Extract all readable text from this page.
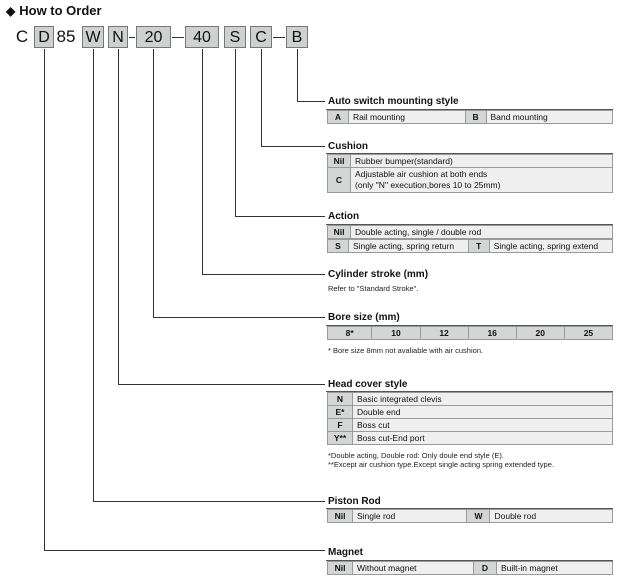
◆ How to Order
C D 85 W N	20	40	S C	B
Auto switch mounting style
A	Rail mounting	B	Band mounting
Cushion
Nil	Rubber bumper(standard)
C	Adjustable air cushion at both ends
(only "N" execution,bores 10 to 25mm)
Action
Nil	Double acting, single / double rod
S	Single acting, spring return	T	Single acting, spring extend
Cylinder stroke (mm)
Refer to "Standard Stroke".
Bore size (mm)
8*	10	12	16	20	25
* Bore size 8mm not avaliable with air cushion.
Head cover style
N	Basic integrated clevis
E*	Double end
F	Boss cut
Y**	Boss cut-End port
*Double acting, Double rod: Only doule end style (E).
**Except air cushion type.Except single acting spring extended type.
Piston Rod
Nil	Single rod	W	Double rod
Magnet
Nil	Without magnet	D	Built-in magnet
